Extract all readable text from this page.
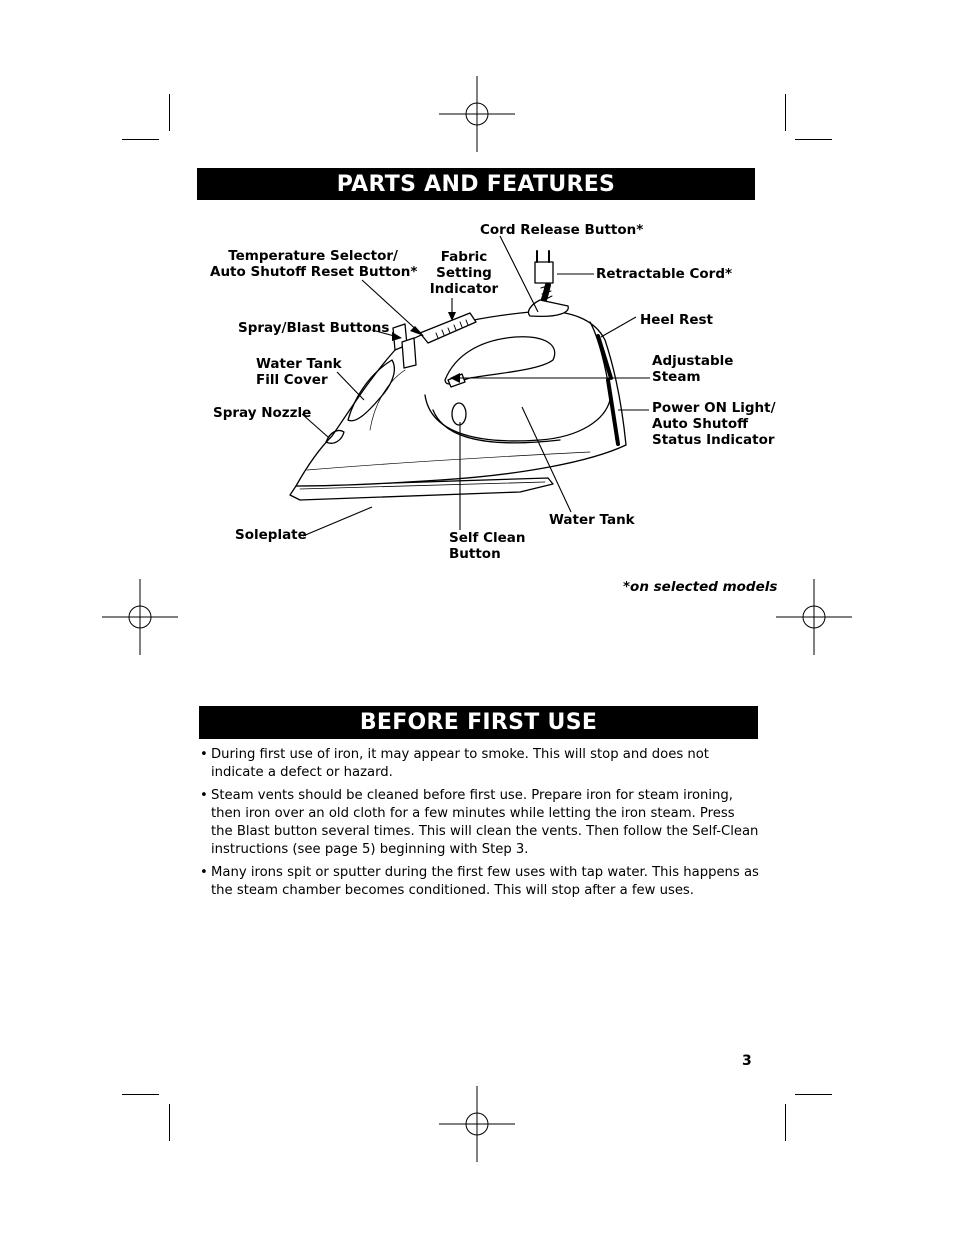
PARTS AND FEATURES
Cord Release Button*
Temperature Selector/
Auto Shutoff Reset Button*
Fabric
Setting
Indicator
Retractable Cord*
Spray/Blast Buttons	Heel Rest
Water Tank
Fill Cover
Adjustable
Steam
Spray Nozzle	Power ON Light/
Auto Shutoff
Status Indicator
Soleplate	Self Clean
Button
Water Tank
*on selected models
BEFORE FIRST USE
• During first use of iron, it may appear to smoke. This will stop and does not indicate a defect or hazard.
• Steam vents should be cleaned before first use. Prepare iron for steam ironing, then iron over an old cloth for a few minutes while letting the iron steam. Press the Blast button several times. This will clean the vents. Then follow the Self-Clean instructions (see page 5) beginning with Step 3.
• Many irons spit or sputter during the first few uses with tap water. This happens as the steam chamber becomes conditioned. This will stop after a few uses.
3
